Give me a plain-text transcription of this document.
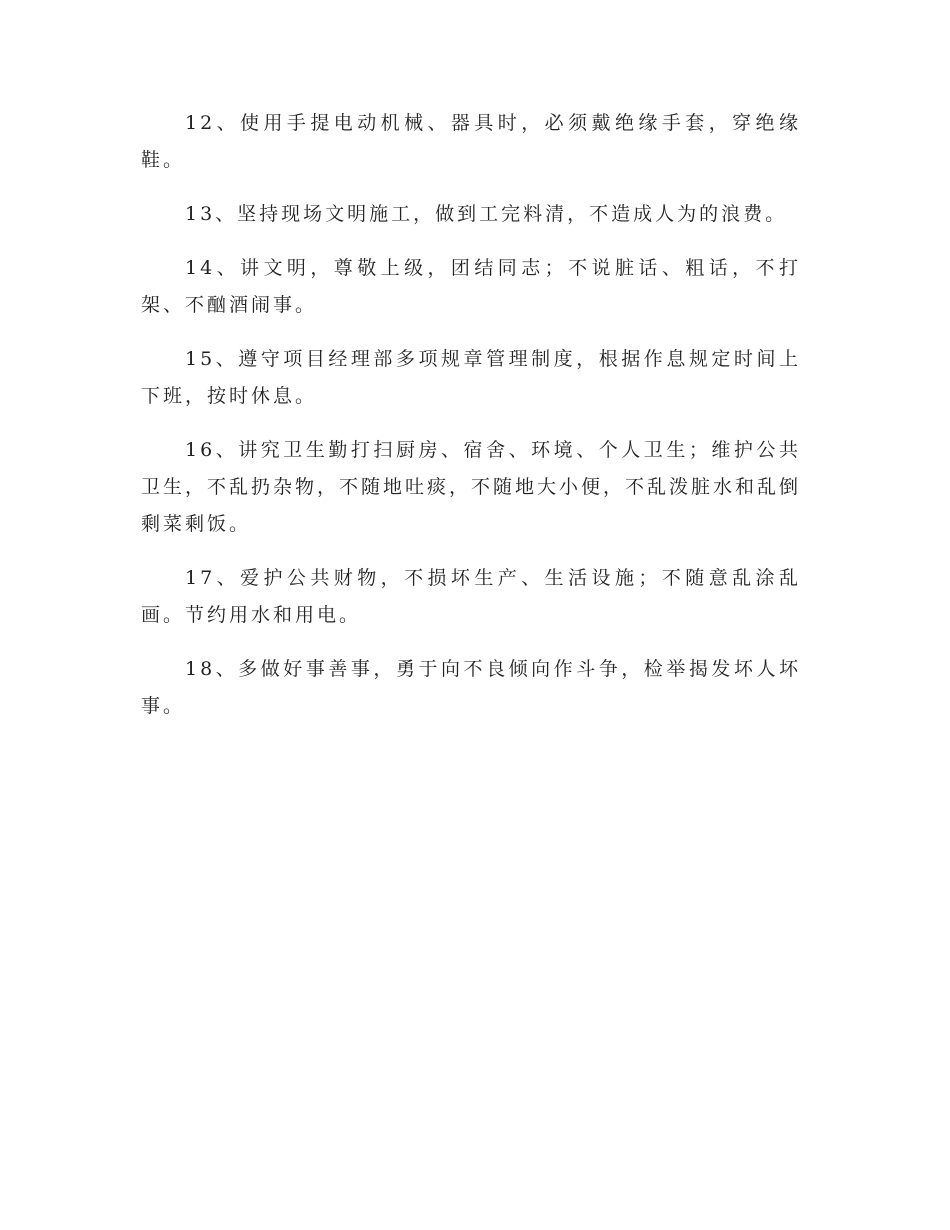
12、使用手提电动机械、器具时，必须戴绝缘手套，穿绝缘鞋。

13、坚持现场文明施工，做到工完料清，不造成人为的浪费。

14、讲文明，尊敬上级，团结同志；不说脏话、粗话，不打架、不酗酒闹事。

15、遵守项目经理部多项规章管理制度，根据作息规定时间上下班，按时休息。

16、讲究卫生勤打扫厨房、宿舍、环境、个人卫生；维护公共卫生，不乱扔杂物，不随地吐痰，不随地大小便，不乱泼脏水和乱倒剩菜剩饭。

17、爱护公共财物，不损坏生产、生活设施；不随意乱涂乱画。节约用水和用电。

18、多做好事善事，勇于向不良倾向作斗争，检举揭发坏人坏事。
